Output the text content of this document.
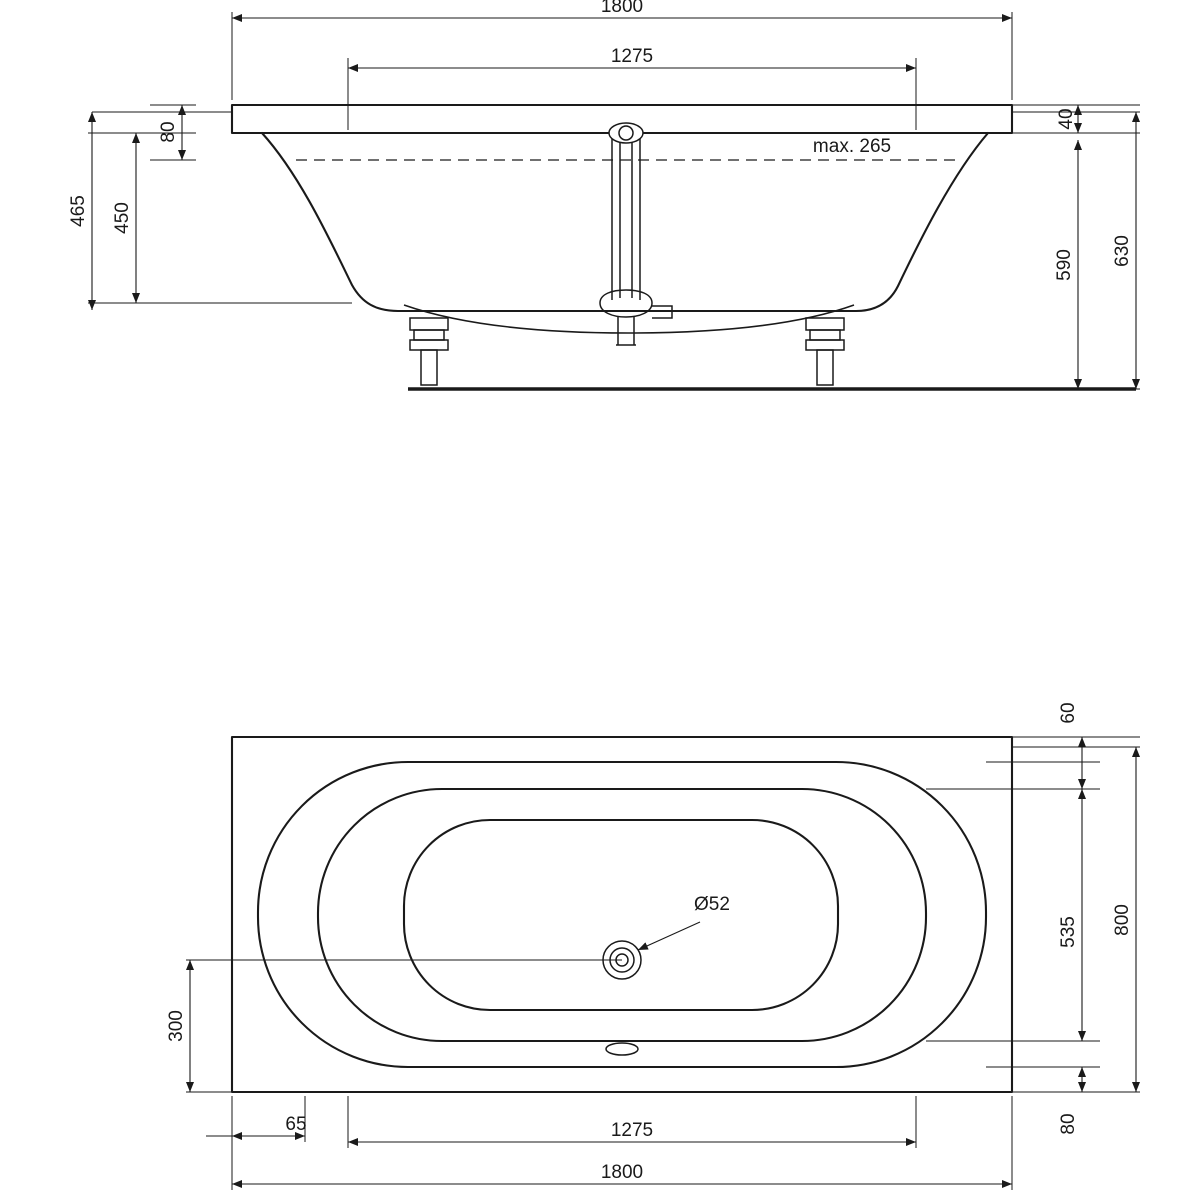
1800
1275
40
80
max. 265
450
465
590 630
Ø52
60
535
80
800
300
65	1275
1800
